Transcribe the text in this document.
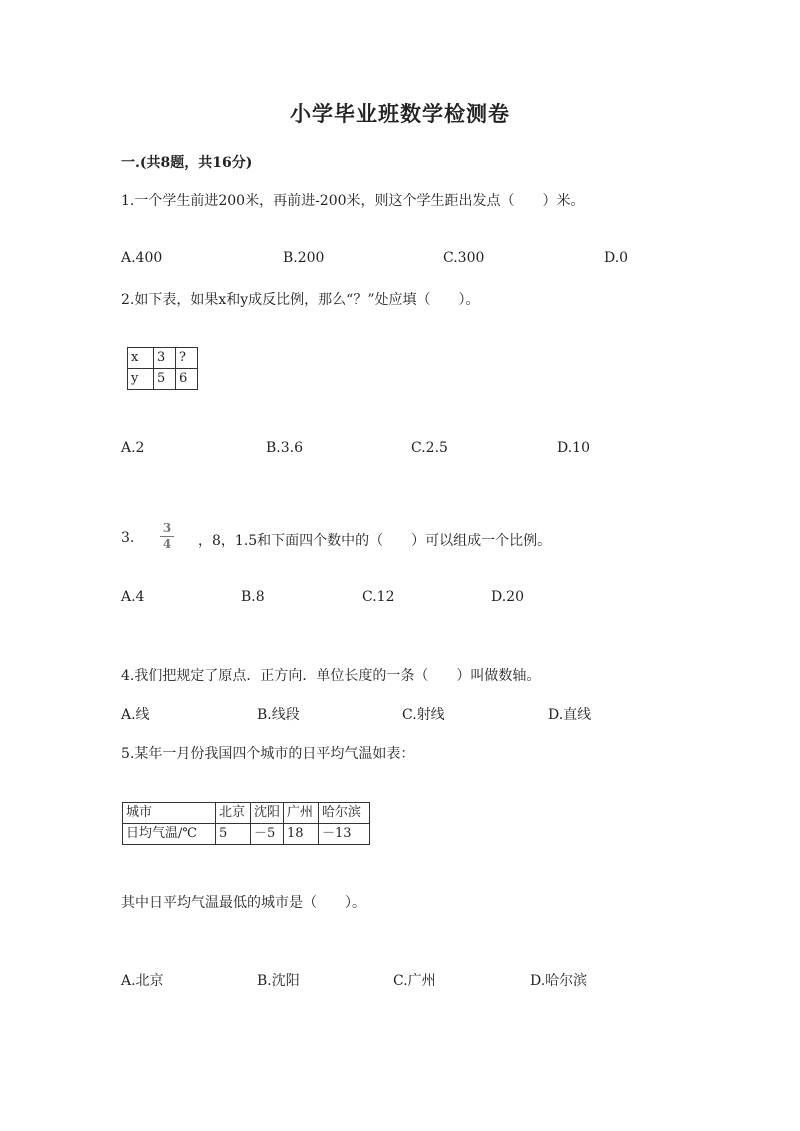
小学毕业班数学检测卷
一.(共8题，共16分)
1.一个学生前进200米，再前进-200米，则这个学生距出发点（　　）米。
A.400	B.200	C.300	D.0
2.如下表，如果x和y成反比例，那么“？”处应填（　　）。
x	3	?
y	5	6
A.2	B.3.6	C.2.5	D.10
3.
3
4 ，8，1.5和下面四个数中的（　　）可以组成一个比例。
A.4	B.8	C.12	D.20
4.我们把规定了原点．正方向．单位长度的一条（　　）叫做数轴。
A.线	B.线段	C.射线	D.直线
5.某年一月份我国四个城市的日平均气温如表：
城市	北京	沈阳	广州	哈尔滨
日均气温/℃	5	－5	18	－13
其中日平均气温最低的城市是（　　）。
A.北京	B.沈阳	C.广州	D.哈尔滨
